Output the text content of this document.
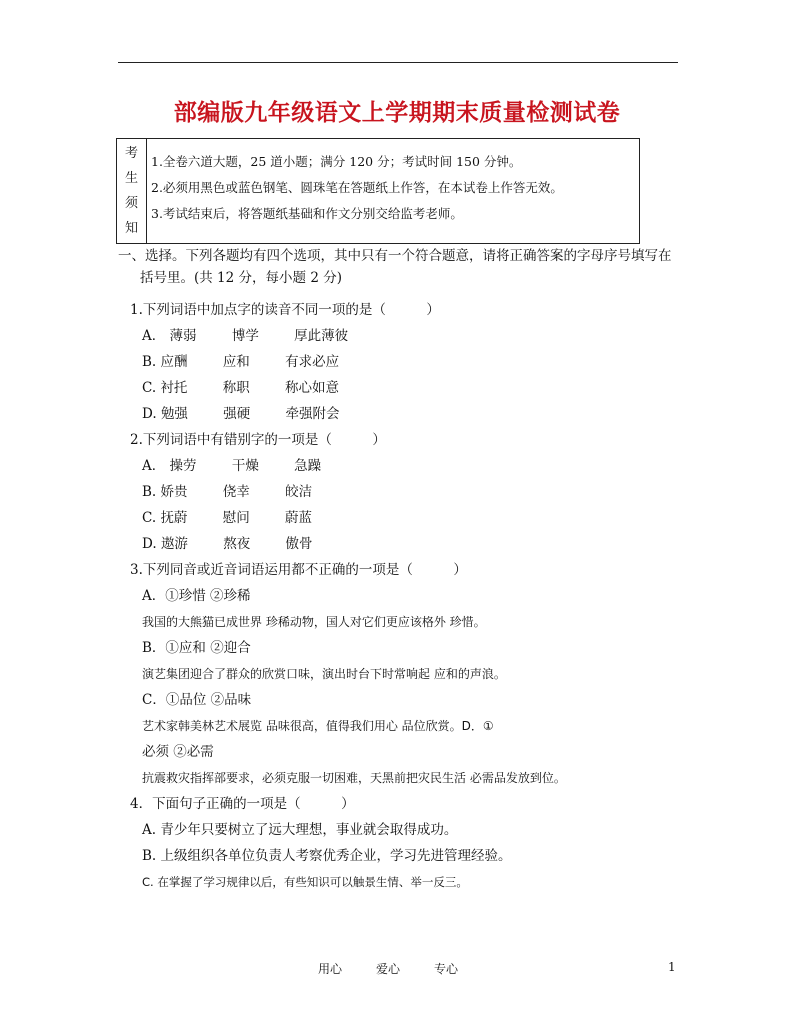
部编版九年级语文上学期期末质量检测试卷
考
生
须
知
1.全卷六道大题，25 道小题；满分 120 分；考试时间 150 分钟。
2.必须用黑色或蓝色钢笔、圆珠笔在答题纸上作答，在本试卷上作答无效。
3.考试结束后，将答题纸基础和作文分别交给监考老师。
一、选择。下列各题均有四个选项，其中只有一个符合题意，请将正确答案的字母序号填写在
括号里。(共 12 分，每小题 2 分)
1.下列词语中加点字的读音不同一项的是（　　　）
A． 薄弱	博学	厚此薄彼
B. 应酬	应和	有求必应
C. 衬托	称职	称心如意
D. 勉强	强硬	牵强附会
2.下列词语中有错别字的一项是（　　　）
A． 操劳	干燥	急躁
B. 娇贵	侥幸	皎洁
C. 抚蔚	慰问	蔚蓝
D. 遨游	熬夜	傲骨
3.下列同音或近音词语运用都不正确的一项是（　　　）
A．①珍惜 ②珍稀
我国的大熊猫已成世界 珍稀动物，国人对它们更应该格外 珍惜。
B．①应和 ②迎合
演艺集团迎合了群众的欣赏口味，演出时台下时常响起 应和的声浪。
C．①品位 ②品味
艺术家韩美林艺术展览 品味很高，值得我们用心 品位欣赏。D．①
必须 ②必需
抗震救灾指挥部要求，必须克服一切困难，天黑前把灾民生活 必需品发放到位。
4．下面句子正确的一项是（　　　）
A. 青少年只要树立了远大理想，事业就会取得成功。
B. 上级组织各单位负责人考察优秀企业，学习先进管理经验。
C. 在掌握了学习规律以后，有些知识可以触景生情、举一反三。
用心	爱心	专心	1
